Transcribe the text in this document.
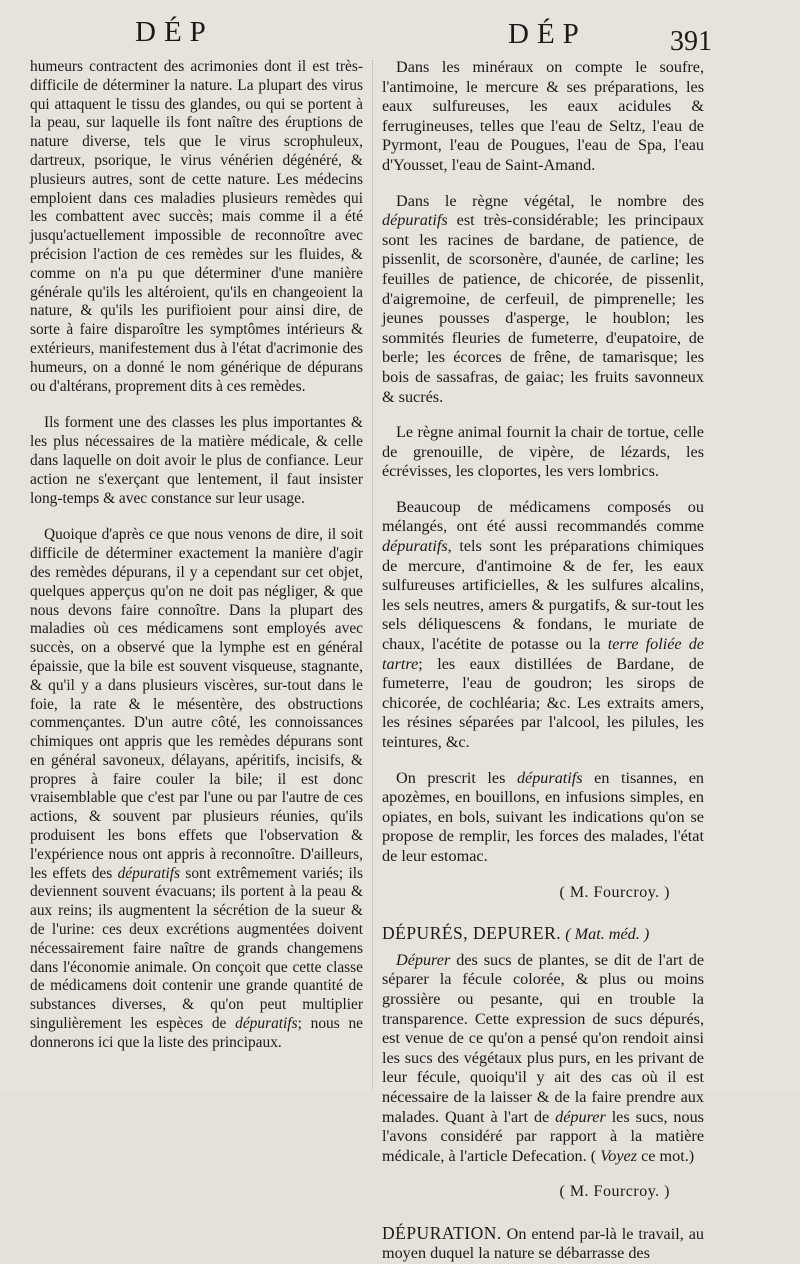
DÉP	DÉP	391

humeurs contractent des acrimonies dont il est très-difficile de déterminer la nature. La plupart des virus qui attaquent le tissu des glandes, ou qui se portent à la peau, sur laquelle ils font naître des éruptions de nature diverse, tels que le virus scrophuleux, dartreux, psorique, le virus vénérien dégénéré, & plusieurs autres, sont de cette nature. Les médecins emploient dans ces maladies plusieurs remèdes qui les combattent avec succès; mais comme il a été jusqu'actuellement impossible de reconnoître avec précision l'action de ces remèdes sur les fluides, & comme on n'a pu que déterminer d'une manière générale qu'ils les altéroient, qu'ils en changeoient la nature, & qu'ils les purifioient pour ainsi dire, de sorte à faire disparoître les symptômes intérieurs & extérieurs, manifestement dus à l'état d'acrimonie des humeurs, on a donné le nom générique de dépurans ou d'altérans, proprement dits à ces remèdes.

Ils forment une des classes les plus importantes & les plus nécessaires de la matière médicale, & celle dans laquelle on doit avoir le plus de confiance. Leur action ne s'exerçant que lentement, il faut insister long-temps & avec constance sur leur usage.

Quoique d'après ce que nous venons de dire, il soit difficile de déterminer exactement la manière d'agir des remèdes dépurans, il y a cependant sur cet objet, quelques apperçus qu'on ne doit pas négliger, & que nous devons faire connoître. Dans la plupart des maladies où ces médicamens sont employés avec succès, on a observé que la lymphe est en général épaissie, que la bile est souvent visqueuse, stagnante, & qu'il y a dans plusieurs viscères, sur-tout dans le foie, la rate & le mésentère, des obstructions commençantes. D'un autre côté, les connoissances chimiques ont appris que les remèdes dépurans sont en général savoneux, délayans, apéritifs, incisifs, & propres à faire couler la bile; il est donc vraisemblable que c'est par l'une ou par l'autre de ces actions, & souvent par plusieurs réunies, qu'ils produisent les bons effets que l'observation & l'expérience nous ont appris à reconnoître. D'ailleurs, les effets des dépuratifs sont extrêmement variés; ils deviennent souvent évacuans; ils portent à la peau & aux reins; ils augmentent la sécrétion de la sueur & de l'urine: ces deux excrétions augmentées doivent nécessairement faire naître de grands changemens dans l'économie animale. On conçoit que cette classe de médicamens doit contenir une grande quantité de substances diverses, & qu'on peut multiplier singulièrement les espèces de dépuratifs; nous ne donnerons ici que la liste des principaux.

Dans les minéraux on compte le soufre, l'antimoine, le mercure & ses préparations, les eaux sulfureuses, les eaux acidules & ferrugineuses, telles que l'eau de Seltz, l'eau de Pyrmont, l'eau de Pougues, l'eau de Spa, l'eau d'Yousset, l'eau de Saint-Amand.

Dans le règne végétal, le nombre des dépuratifs est très-considérable; les principaux sont les racines de bardane, de patience, de pissenlit, de scorsonère, d'aunée, de carline; les feuilles de patience, de chicorée, de pissenlit, d'aigremoine, de cerfeuil, de pimprenelle; les jeunes pousses d'asperge, le houblon; les sommités fleuries de fumeterre, d'eupatoire, de berle; les écorces de frêne, de tamarisque; les bois de sassafras, de gaiac; les fruits savonneux & sucrés.

Le règne animal fournit la chair de tortue, celle de grenouille, de vipère, de lézards, les écrévisses, les cloportes, les vers lombrics.

Beaucoup de médicamens composés ou mélangés, ont été aussi recommandés comme dépuratifs, tels sont les préparations chimiques de mercure, d'antimoine & de fer, les eaux sulfureuses artificielles, & les sulfures alcalins, les sels neutres, amers & purgatifs, & sur-tout les sels déliquescens & fondans, le muriate de chaux, l'acétite de potasse ou la terre foliée de tartre; les eaux distillées de Bardane, de fumeterre, l'eau de goudron; les sirops de chicorée, de cochléaria; &c. Les extraits amers, les résines séparées par l'alcool, les pilules, les teintures, &c.

On prescrit les dépuratifs en tisannes, en apozèmes, en bouillons, en infusions simples, en opiates, en bols, suivant les indications qu'on se propose de remplir, les forces des malades, l'état de leur estomac.

( M. Fourcroy. )

DÉPURÉS, DEPURER. ( Mat. méd. )

Dépurer des sucs de plantes, se dit de l'art de séparer la fécule colorée, & plus ou moins grossière ou pesante, qui en trouble la transparence. Cette expression de sucs dépurés, est venue de ce qu'on a pensé qu'on rendoit ainsi les sucs des végétaux plus purs, en les privant de leur fécule, quoiqu'il y ait des cas où il est nécessaire de la laisser & de la faire prendre aux malades. Quant à l'art de dépurer les sucs, nous l'avons considéré par rapport à la matière médicale, à l'article Defecation. ( Voyez ce mot.)

( M. Fourcroy. )

DÉPURATION. On entend par-là le travail, au moyen duquel la nature se débarrasse des
